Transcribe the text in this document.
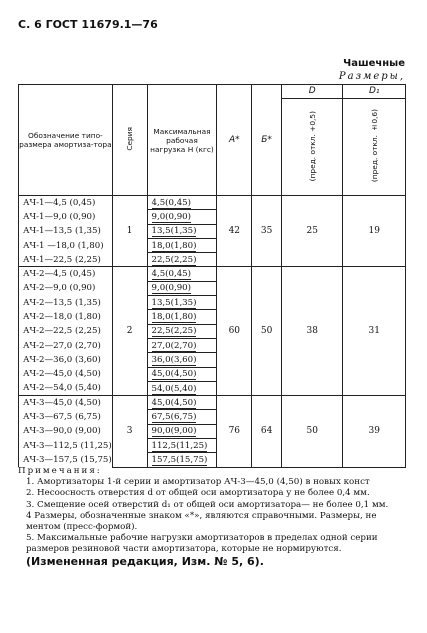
С. 6 ГОСТ 11679.1—76
Чашечные
Размеры,
Обозначение типо-размера амортиза-тора	Серия	Максимальная рабочая нагрузка Н (кгс)	A*	Б*	D	D₁
					(пред. откл. +0,5)	(пред. откл. ±0,6)
АЧ-1—4,5 (0,45)	1	4,5(0,45)	42	35	25	19
АЧ-1—9,0 (0,90)		9,0(0,90)				
АЧ-1—13,5 (1,35)		13,5(1,35)				
АЧ-1 —18,0 (1,80)		18,0(1,80)				
АЧ-1—22,5 (2,25)		22,5(2,25)				
АЧ-2—4,5 (0,45)	2	4,5(0,45)	60	50	38	31
АЧ-2—9,0 (0,90)		9,0(0,90)				
АЧ-2—13,5 (1,35)		13,5(1,35)				
АЧ-2—18,0 (1,80)		18,0(1,80)				
АЧ-2—22,5 (2,25)		22,5(2,25)				
АЧ-2—27,0 (2,70)		27,0(2,70)				
АЧ-2—36,0 (3,60)		36,0(3,60)				
АЧ-2—45,0 (4,50)		45,0(4,50)				
АЧ-2—54,0 (5,40)		54,0(5,40)				
АЧ-3—45,0 (4,50)	3	45,0(4,50)	76	64	50	39
АЧ-3—67,5 (6,75)		67,5(6,75)				
АЧ-3—90,0 (9,00)		90,0(9,00)				
АЧ-3—112,5 (11,25)		112,5(11,25)				
АЧ-3—157,5 (15,75)		157,5(15,75)				
Примечания:

1. Амортизаторы 1-й серии и амортизатор АЧ-3—45,0 (4,50) в новых конст

2. Несоосность отверстия d от общей оси амортизатора у не более 0,4 мм.

3. Смещение осей отверстий d₁ от общей оси амортизатора— не более 0,1 мм.

4 Размеры, обозначенные знаком «*», являются справочными. Размеры, не

ментом (пресс-формой).

5. Максимальные рабочие нагрузки амортизаторов в пределах одной серии

размеров резиновой части амортизатора, которые не нормируются.

(Измененная редакция, Изм. № 5, 6).
